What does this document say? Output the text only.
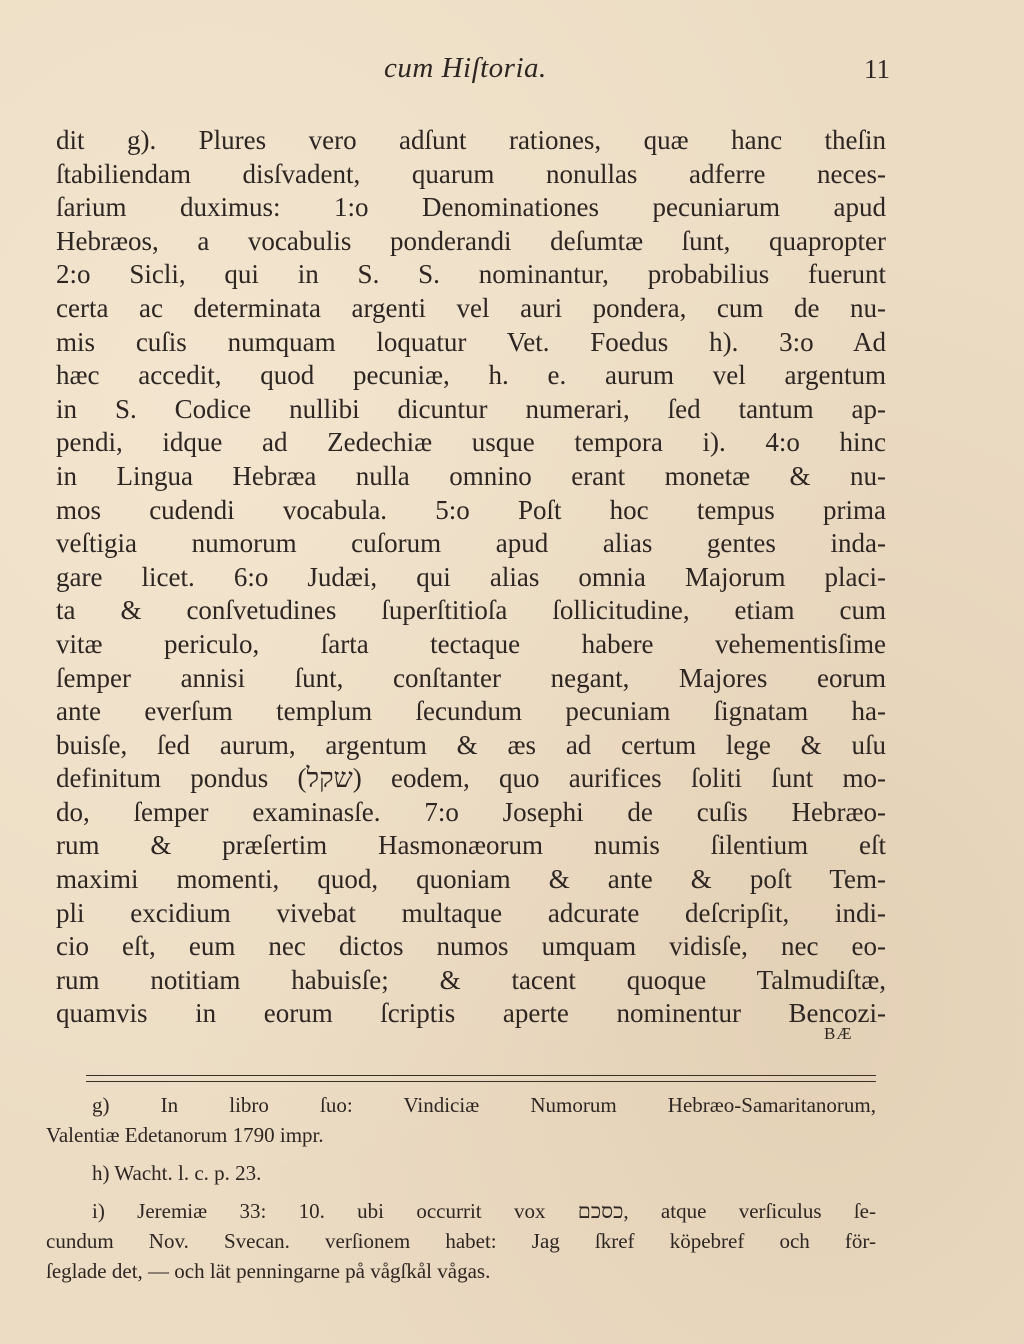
cum Hiſtoria.	11
dit g). Plures vero adſunt rationes, quæ hanc theſin
ſtabiliendam disſvadent, quarum nonullas adferre neces-
ſarium duximus: 1:o Denominationes pecuniarum apud
Hebræos, a vocabulis ponderandi deſumtæ ſunt, quapropter
2:o Sicli, qui in S. S. nominantur, probabilius fuerunt
certa ac determinata argenti vel auri pondera, cum de nu-
mis cuſis numquam loquatur Vet. Foedus h). 3:o Ad
hæc accedit, quod pecuniæ, h. e. aurum vel argentum
in S. Codice nullibi dicuntur numerari, ſed tantum ap-
pendi, idque ad Zedechiæ usque tempora i). 4:o hinc
in Lingua Hebræa nulla omnino erant monetæ & nu-
mos cudendi vocabula. 5:o Poſt hoc tempus prima
veſtigia numorum cuſorum apud alias gentes inda-
gare licet. 6:o Judæi, qui alias omnia Majorum placi-
ta & conſvetudines ſuperſtitioſa ſollicitudine, etiam cum
vitæ periculo, ſarta tectaque habere vehementisſime
ſemper annisi ſunt, conſtanter negant, Majores eorum
ante everſum templum ſecundum pecuniam ſignatam ha-
buisſe, ſed aurum, argentum & æs ad certum lege & uſu
definitum pondus (שקל) eodem, quo aurifices ſoliti ſunt mo-
do, ſemper examinasſe. 7:o Josephi de cuſis Hebræo-
rum & præſertim Hasmonæorum numis ſilentium eſt
maximi momenti, quod, quoniam & ante & poſt Tem-
pli excidium vivebat multaque adcurate deſcripſit, indi-
cio eſt, eum nec dictos numos umquam vidisſe, nec eo-
rum notitiam habuisſe; & tacent quoque Talmudiſtæ,
quamvis in eorum ſcriptis aperte nominentur Bencozi-
BÆ
g) In libro ſuo: Vindiciæ Numorum Hebræo-Samaritanorum,
Valentiæ Edetanorum 1790 impr.
h) Wacht. l. c. p. 23.
i) Jeremiæ 33: 10. ubi occurrit vox כסכם, atque verſiculus ſe-
cundum Nov. Svecan. verſionem habet: Jag ſkref köpebref och för-
ſeglade det, — och lät penningarne på vågſkål vågas.
